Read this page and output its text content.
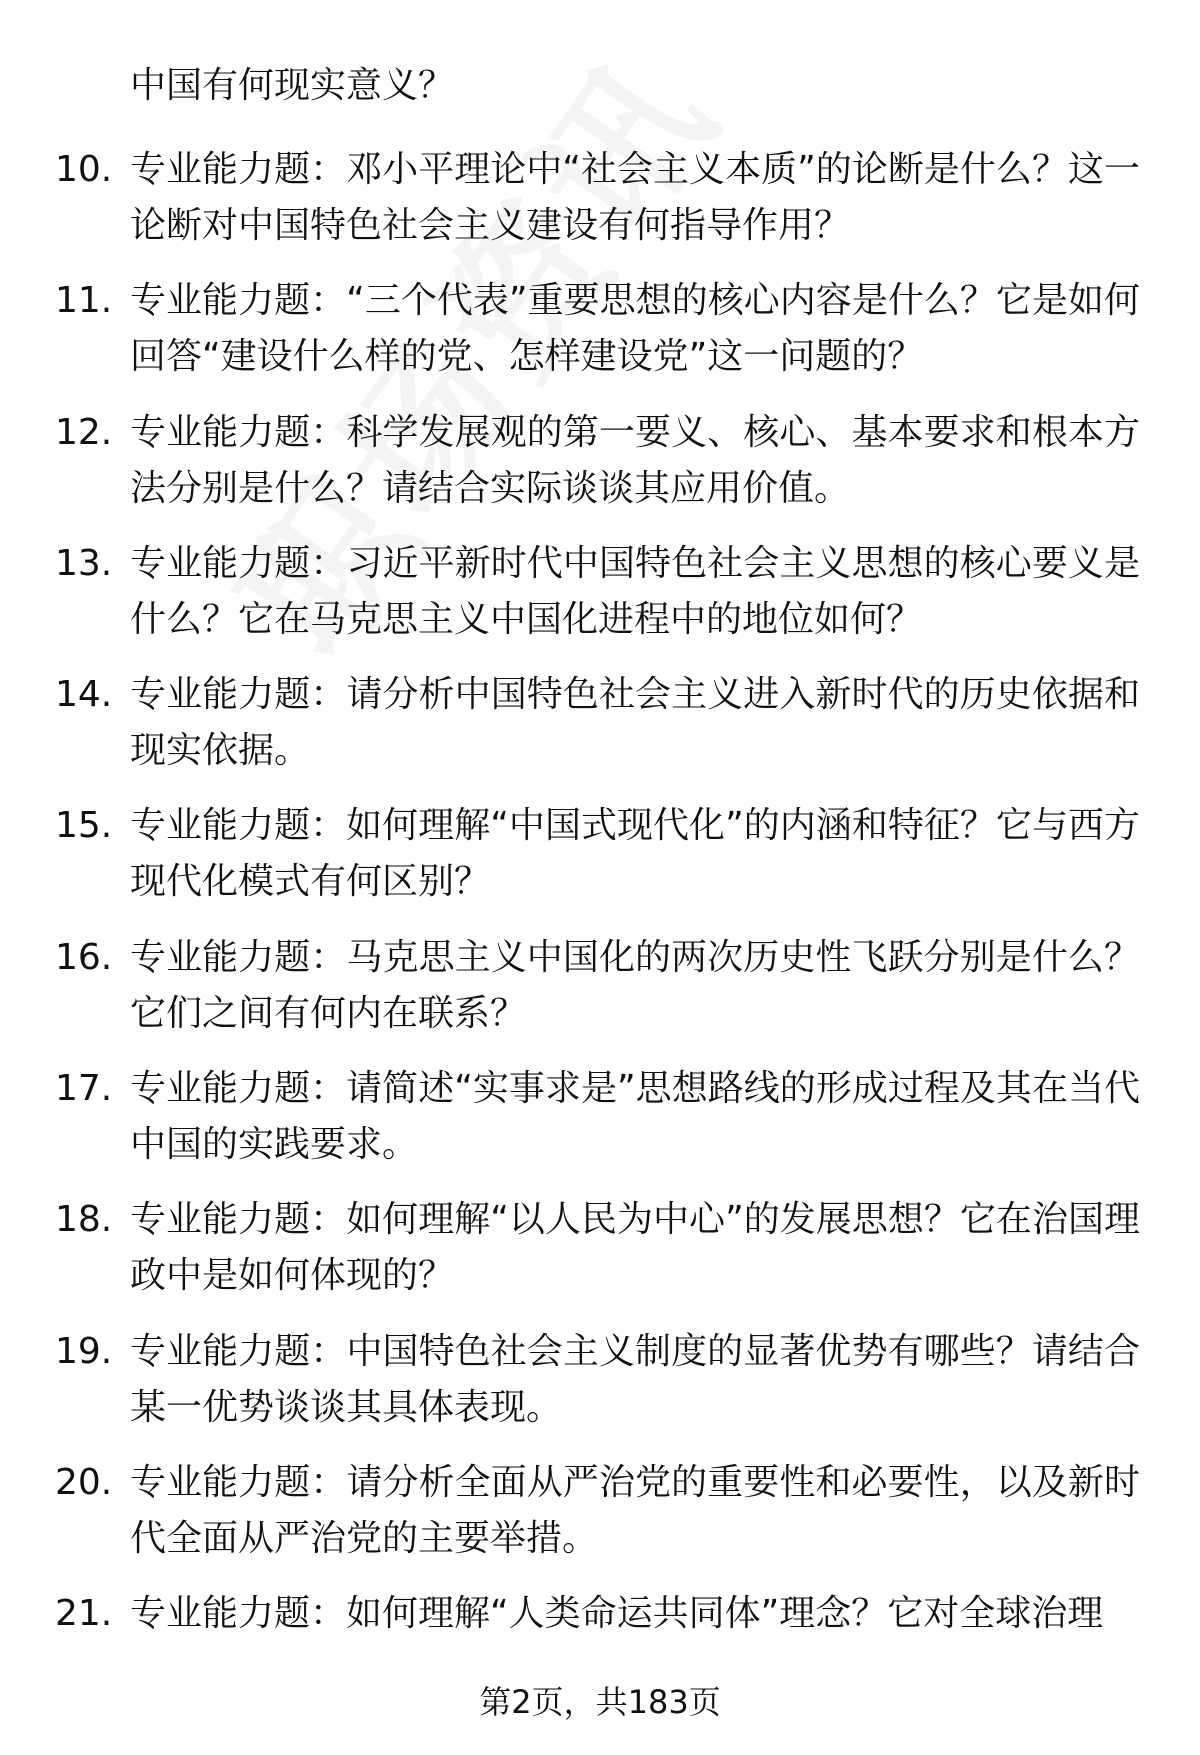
中国有何现实意义？
10. 专业能力题：邓小平理论中“社会主义本质”的论断是什么？这一论断对中国特色社会主义建设有何指导作用？
11. 专业能力题：“三个代表”重要思想的核心内容是什么？它是如何回答“建设什么样的党、怎样建设党”这一问题的？
12. 专业能力题：科学发展观的第一要义、核心、基本要求和根本方法分别是什么？请结合实际谈谈其应用价值。
13. 专业能力题：习近平新时代中国特色社会主义思想的核心要义是什么？它在马克思主义中国化进程中的地位如何？
14. 专业能力题：请分析中国特色社会主义进入新时代的历史依据和现实依据。
15. 专业能力题：如何理解“中国式现代化”的内涵和特征？它与西方现代化模式有何区别？
16. 专业能力题：马克思主义中国化的两次历史性飞跃分别是什么？它们之间有何内在联系？
17. 专业能力题：请简述“实事求是”思想路线的形成过程及其在当代中国的实践要求。
18. 专业能力题：如何理解“以人民为中心”的发展思想？它在治国理政中是如何体现的？
19. 专业能力题：中国特色社会主义制度的显著优势有哪些？请结合某一优势谈谈其具体表现。
20. 专业能力题：请分析全面从严治党的重要性和必要性，以及新时代全面从严治党的主要举措。
21. 专业能力题：如何理解“人类命运共同体”理念？它对全球治理
第2页，共183页
